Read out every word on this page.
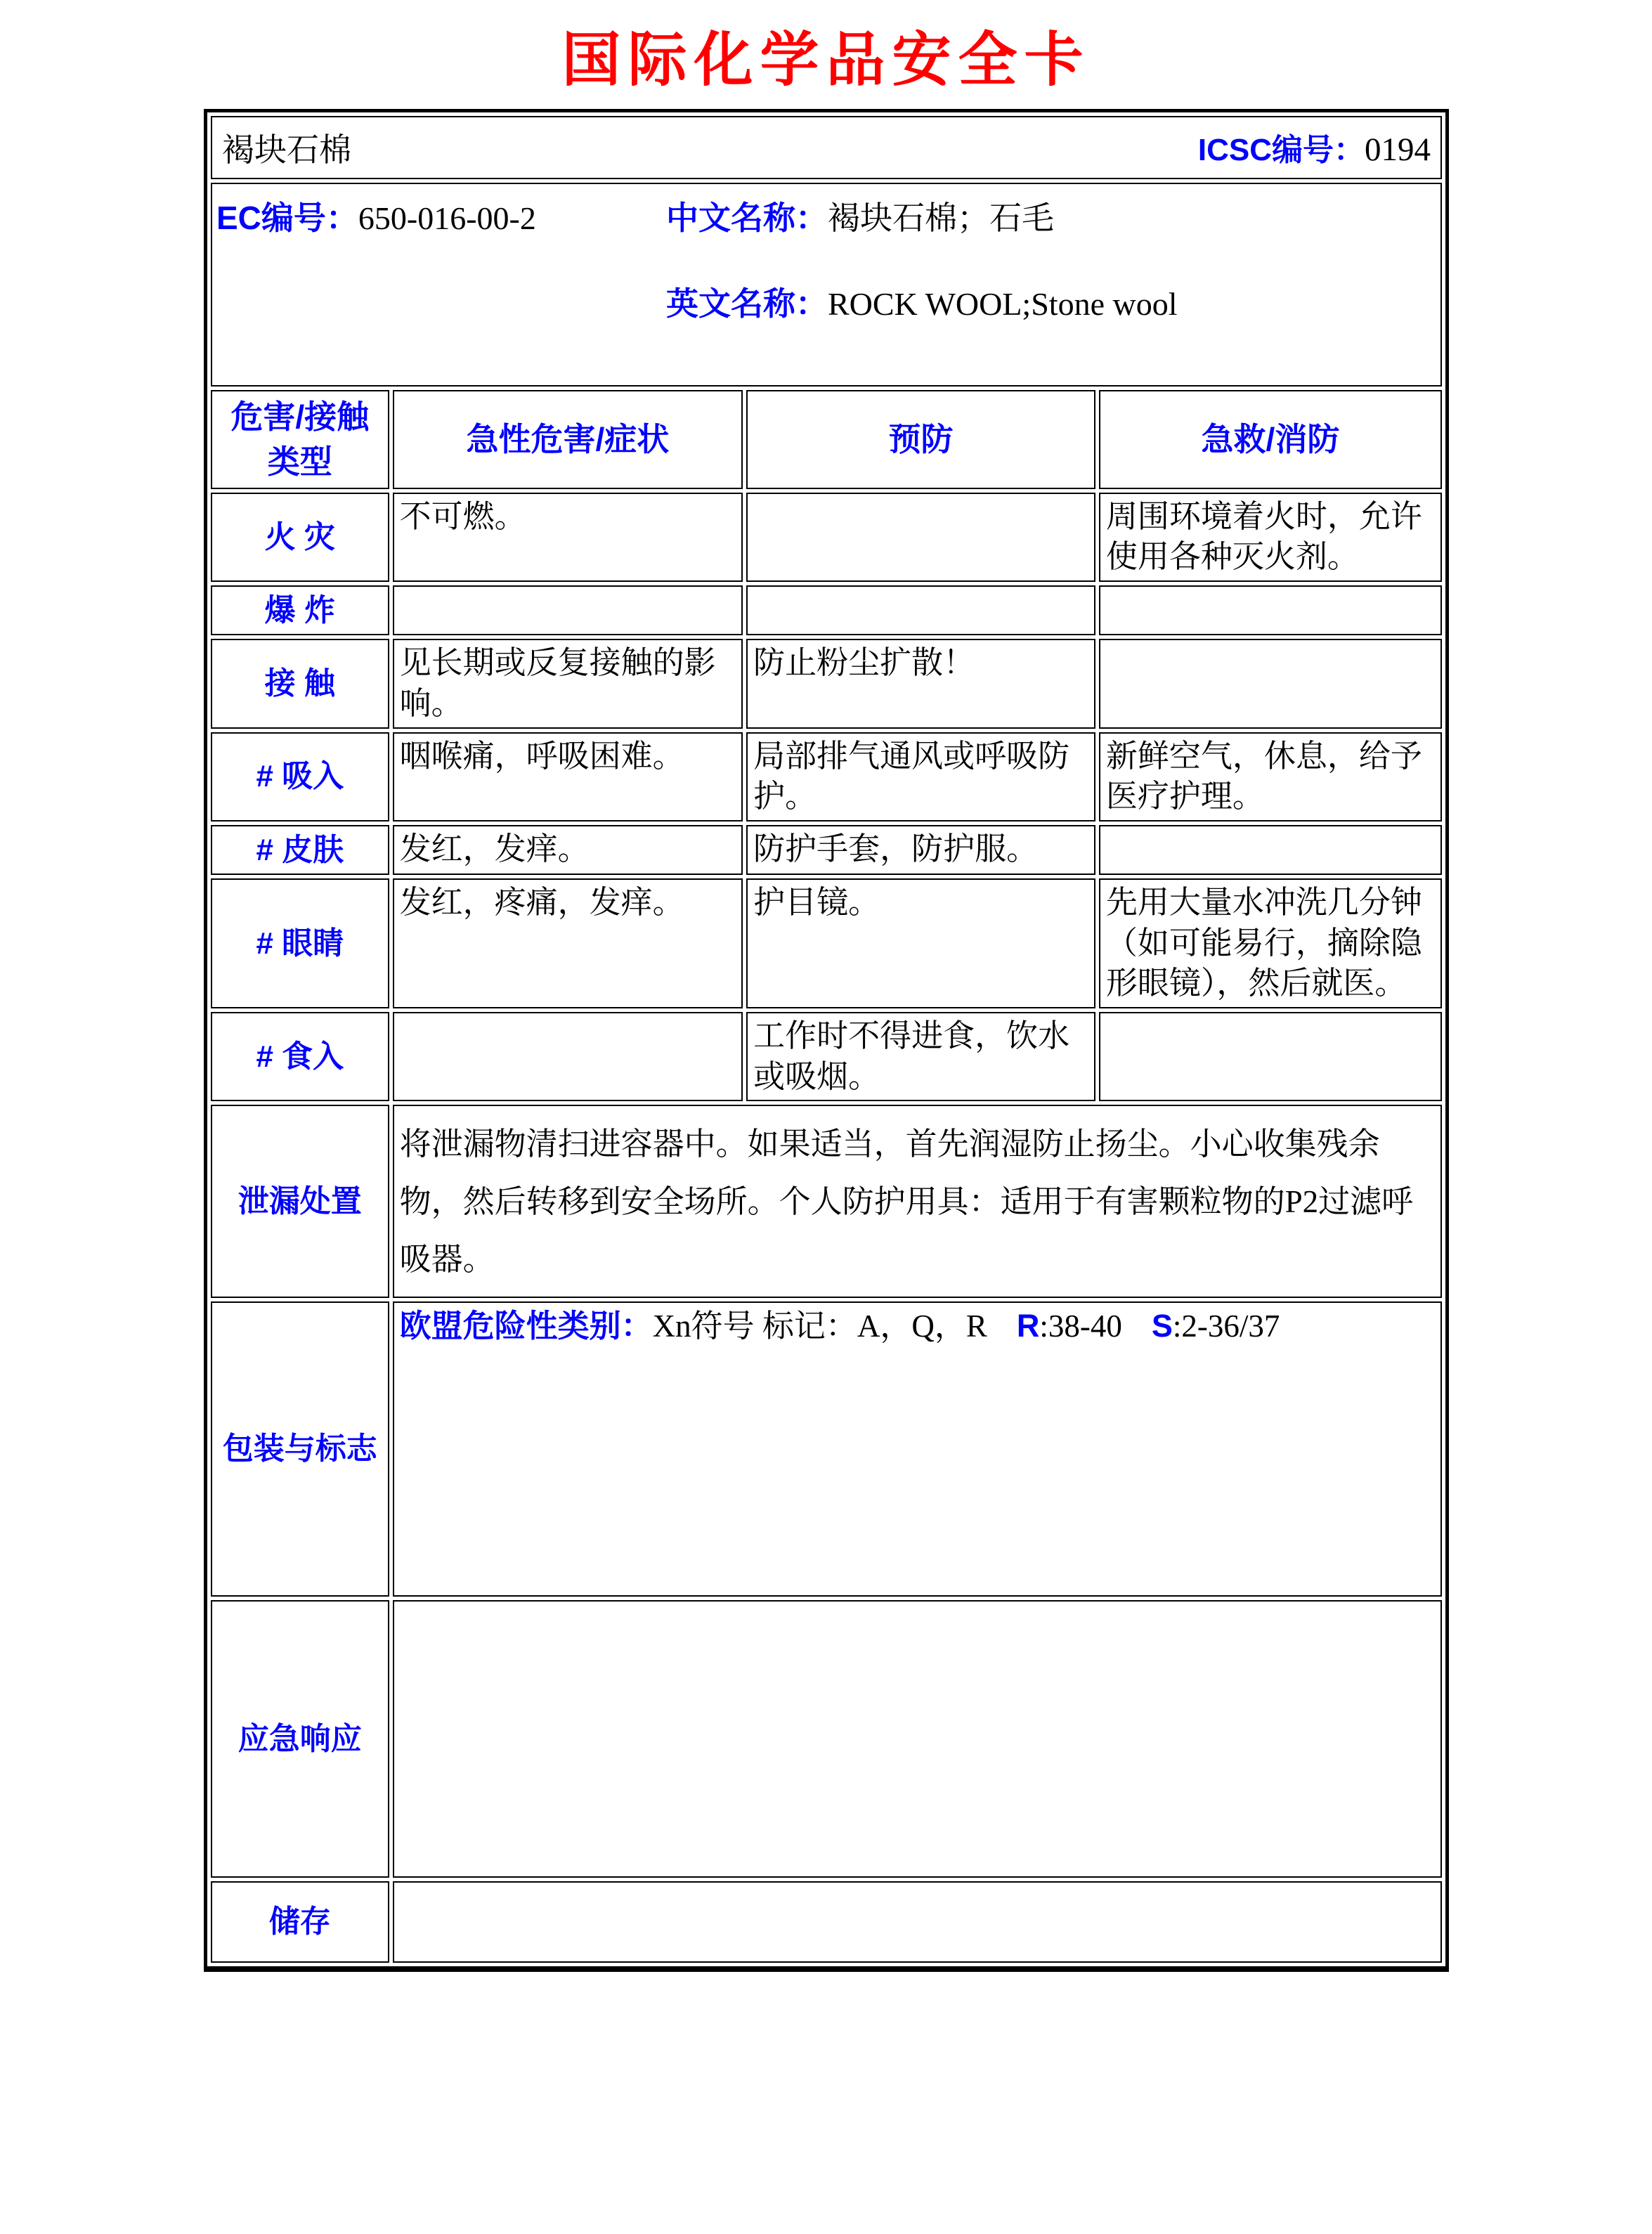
国际化学品安全卡
褐块石棉 ICSC编号：0194			

EC编号：650-016-00-2 中文名称：褐块石棉；石毛
英文名称：ROCK WOOL;Stone wool			

危害/接触类型	急性危害/症状	预防	急救/消防
火 灾	不可燃。		周围环境着火时，允许使用各种灭火剂。
爆 炸			
接 触	见长期或反复接触的影响。	防止粉尘扩散！	
# 吸入	咽喉痛，呼吸困难。	局部排气通风或呼吸防护。	新鲜空气，休息，给予医疗护理。
# 皮肤	发红，发痒。	防护手套，防护服。	
# 眼睛	发红，疼痛，发痒。	护目镜。	先用大量水冲洗几分钟（如可能易行，摘除隐形眼镜），然后就医。
# 食入		工作时不得进食，饮水或吸烟。	
泄漏处置	将泄漏物清扫进容器中。如果适当，首先润湿防止扬尘。小心收集残余物，然后转移到安全场所。个人防护用具：适用于有害颗粒物的P2过滤呼吸器。		
包装与标志	欧盟危险性类别：Xn符号 标记：A，Q，R R:38-40 S:2-36/37		

应急响应			
储存			
